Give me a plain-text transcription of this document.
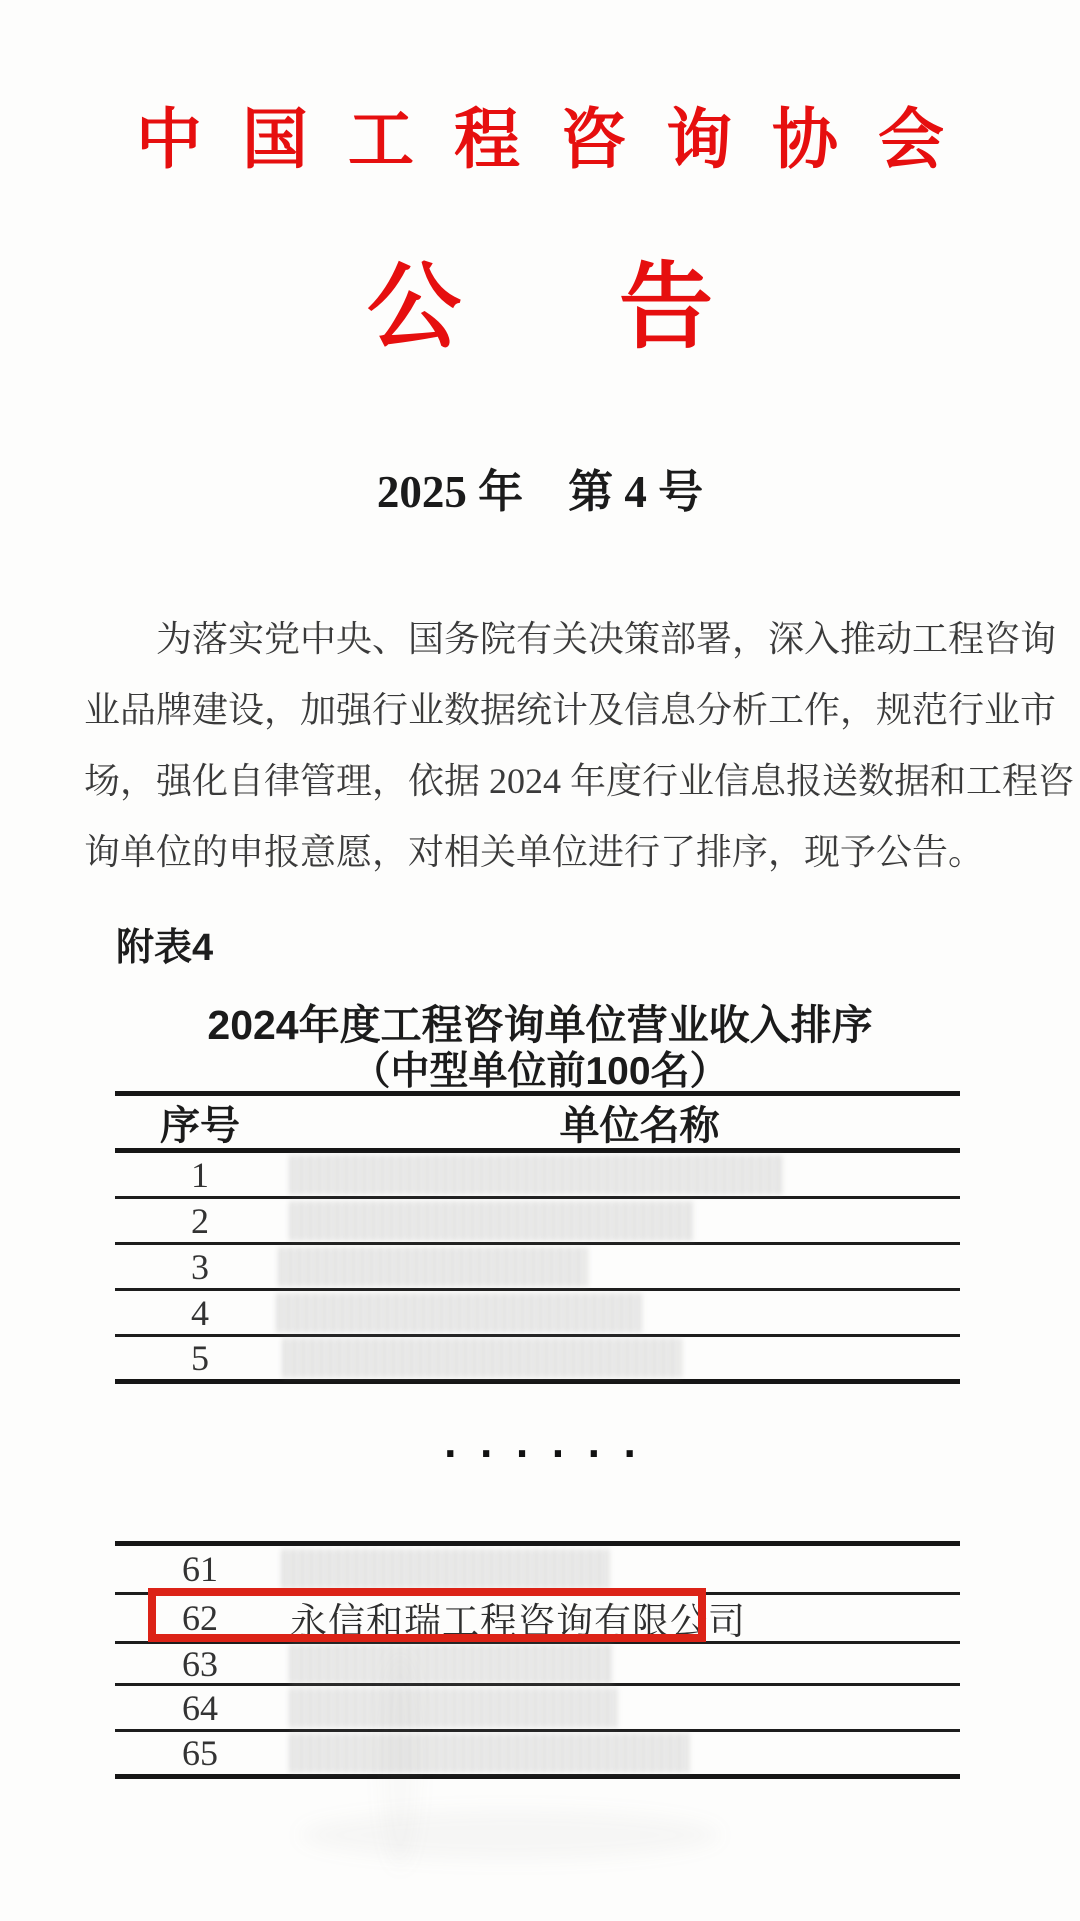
中国工程咨询协会
公告
2025 年　第 4 号
为落实党中央、国务院有关决策部署，深入推动工程咨询
业品牌建设，加强行业数据统计及信息分析工作，规范行业市
场，强化自律管理，依据 2024 年度行业信息报送数据和工程咨
询单位的申报意愿，对相关单位进行了排序，现予公告。
附表4
2024年度工程咨询单位营业收入排序
（中型单位前100名）
序号	单位名称
1
2
3
4
5
······
61
62	永信和瑞工程咨询有限公司
63
64
65
